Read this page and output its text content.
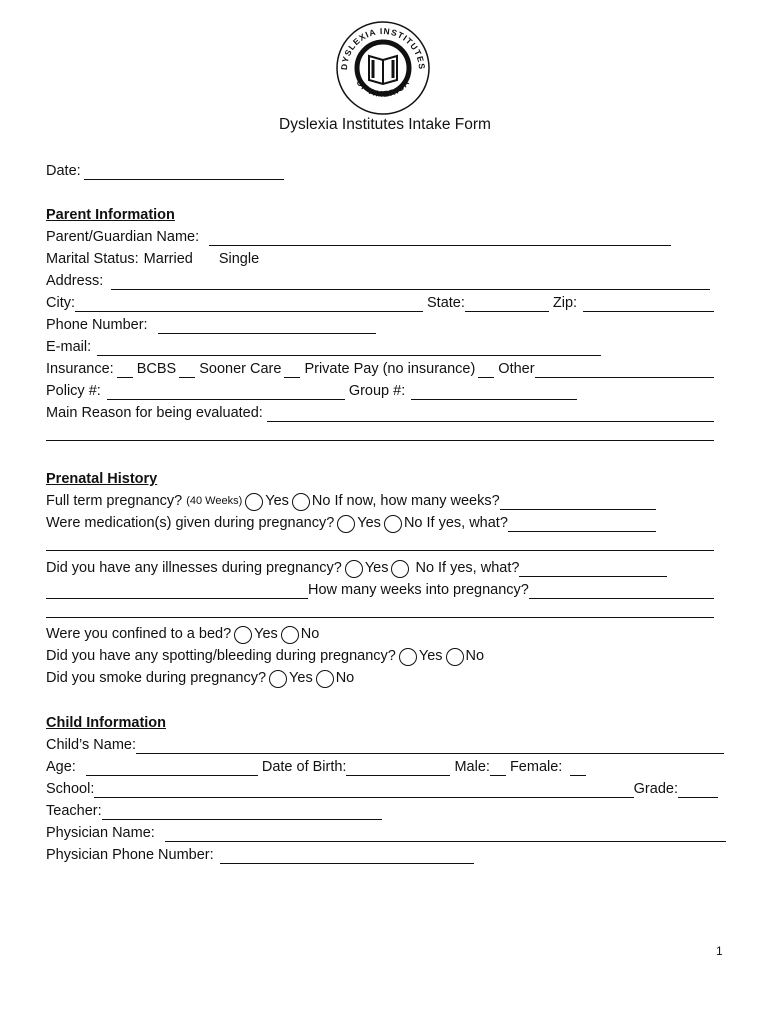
DYSLEXIA INSTITUTES
OF AMERICA
Dyslexia Institutes Intake Form
Date:
Parent Information
Parent/Guardian Name:
Marital Status: Married Single
Address:
City:	State:	Zip:
Phone Number:
E-mail:
Insurance: BCBS Sooner Care Private Pay (no insurance) Other
Policy #:	Group #:
Main Reason for being evaluated:
Prenatal History
Full term pregnancy? (40 Weeks) Yes No If now, how many weeks?
Were medication(s) given during pregnancy? Yes No If yes, what?
Did you have any illnesses during pregnancy? Yes No If yes, what?
How many weeks into pregnancy?
Were you confined to a bed? Yes No
Did you have any spotting/bleeding during pregnancy? Yes No
Did you smoke during pregnancy? Yes No
Child Information
Child’s Name:
Age:	Date of Birth:	Male: Female:
School:	Grade:
Teacher:
Physician Name:
Physician Phone Number:
1
